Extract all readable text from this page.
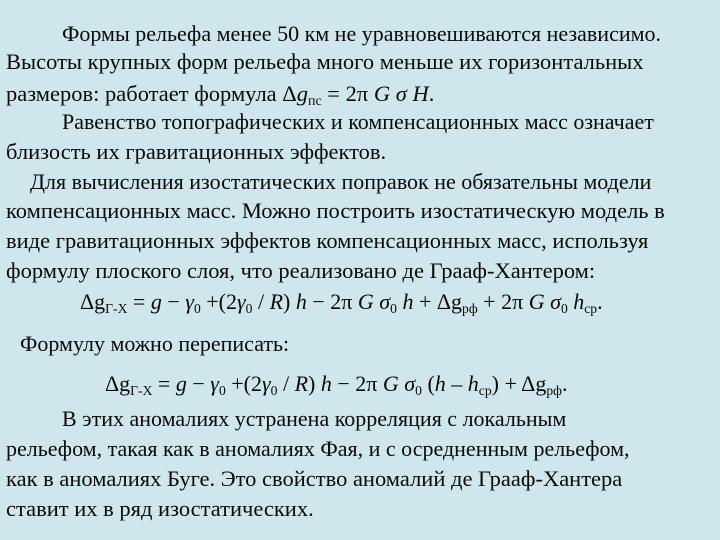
Формы рельефа менее 50 км не уравновешиваются независимо.
Высоты крупных форм рельефа много меньше их горизонтальных
размеров: работает формула $\Delta g_{пс} = 2\pi$ G σ H.
Равенство топографических и компенсационных масс означает
близость их гравитационных эффектов.
Для вычисления изостатических поправок не обязательны модели
компенсационных масс. Можно построить изостатическую модель в
виде гравитационных эффектов компенсационных масс, используя
формулу плоского слоя, что реализовано де Грааф-Хантером:
$\Delta g_{Г-Х} = g - \gamma_0 +(2\gamma_0 / R) h - 2\pi$ G $\sigma_0$ $h + \Delta g_{рф} + 2\pi$ G $\sigma_0$ $h_{ср}$.
Формулу можно переписать:
$\Delta g_{Г-Х} = g - \gamma_0 +(2\gamma_0 / R) h - 2\pi$ G $\sigma_0$ $(h - h_{ср}) + \Delta g_{рф}$.
В этих аномалиях устранена корреляция с локальным
рельефом, такая как в аномалиях Фая, и с осредненным рельефом,
как в аномалиях Буге. Это свойство аномалий де Грааф-Хантера
ставит их в ряд изостатических.
